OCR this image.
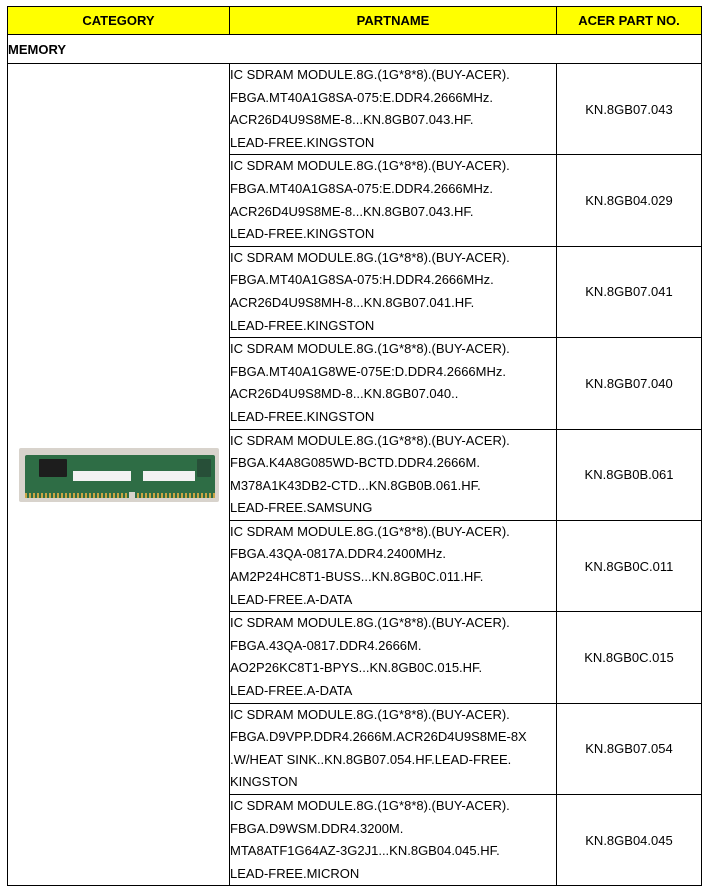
CATEGORY	PARTNAME	ACER PART NO.
MEMORY		

	IC SDRAM MODULE.8G.(1G*8*8).(BUY-ACER).
FBGA.MT40A1G8SA-075:E.DDR4.2666MHz.
ACR26D4U9S8ME-8...KN.8GB07.043.HF.
LEAD-FREE.KINGSTON	KN.8GB07.043

	IC SDRAM MODULE.8G.(1G*8*8).(BUY-ACER).
FBGA.MT40A1G8SA-075:E.DDR4.2666MHz.
ACR26D4U9S8ME-8...KN.8GB07.043.HF.
LEAD-FREE.KINGSTON	KN.8GB04.029

	IC SDRAM MODULE.8G.(1G*8*8).(BUY-ACER).
FBGA.MT40A1G8SA-075:H.DDR4.2666MHz.
ACR26D4U9S8MH-8...KN.8GB07.041.HF.
LEAD-FREE.KINGSTON	KN.8GB07.041

	IC SDRAM MODULE.8G.(1G*8*8).(BUY-ACER).
FBGA.MT40A1G8WE-075E:D.DDR4.2666MHz.
ACR26D4U9S8MD-8...KN.8GB07.040..
LEAD-FREE.KINGSTON	KN.8GB07.040

	IC SDRAM MODULE.8G.(1G*8*8).(BUY-ACER).
FBGA.K4A8G085WD-BCTD.DDR4.2666M.
M378A1K43DB2-CTD...KN.8GB0B.061.HF.
LEAD-FREE.SAMSUNG	KN.8GB0B.061

	IC SDRAM MODULE.8G.(1G*8*8).(BUY-ACER).
FBGA.43QA-0817A.DDR4.2400MHz.
AM2P24HC8T1-BUSS...KN.8GB0C.011.HF.
LEAD-FREE.A-DATA	KN.8GB0C.011

	IC SDRAM MODULE.8G.(1G*8*8).(BUY-ACER).
FBGA.43QA-0817.DDR4.2666M.
AO2P26KC8T1-BPYS...KN.8GB0C.015.HF.
LEAD-FREE.A-DATA	KN.8GB0C.015

	IC SDRAM MODULE.8G.(1G*8*8).(BUY-ACER).
FBGA.D9VPP.DDR4.2666M.ACR26D4U9S8ME-8X
.W/HEAT SINK..KN.8GB07.054.HF.LEAD-FREE.
KINGSTON	KN.8GB07.054

	IC SDRAM MODULE.8G.(1G*8*8).(BUY-ACER).
FBGA.D9WSM.DDR4.3200M.
MTA8ATF1G64AZ-3G2J1...KN.8GB04.045.HF.
LEAD-FREE.MICRON	KN.8GB04.045
